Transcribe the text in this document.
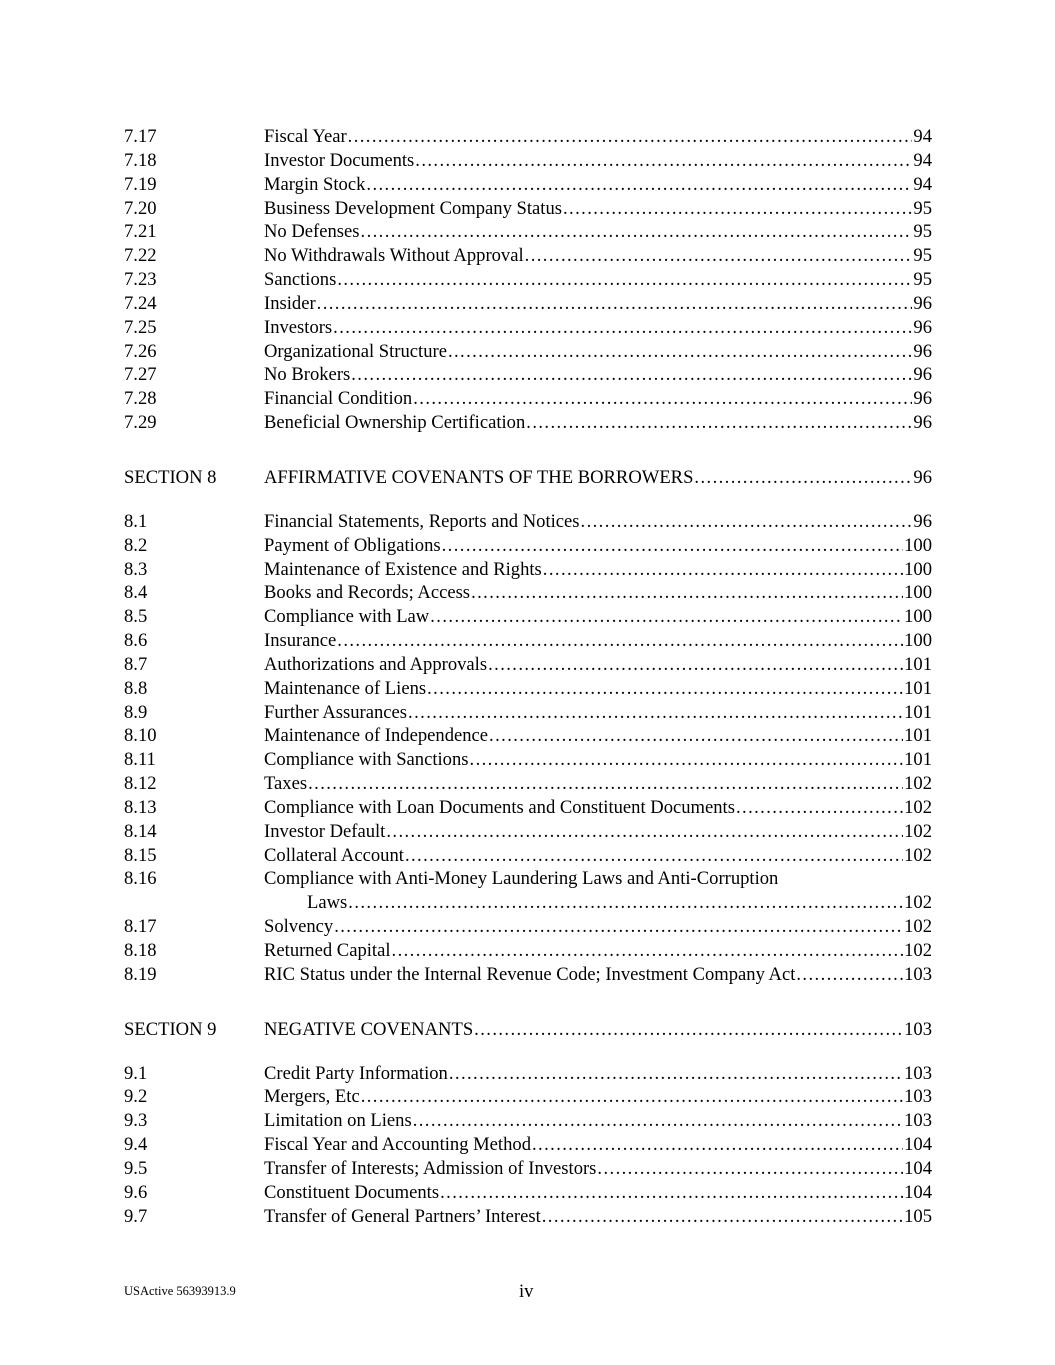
7.17	Fiscal Year .....	94
7.18	Investor Documents .....	94
7.19	Margin Stock .....	94
7.20	Business Development Company Status .....	95
7.21	No Defenses .....	95
7.22	No Withdrawals Without Approval .....	95
7.23	Sanctions .....	95
7.24	Insider .....	96
7.25	Investors .....	96
7.26	Organizational Structure .....	96
7.27	No Brokers .....	96
7.28	Financial Condition .....	96
7.29	Beneficial Ownership Certification .....	96
SECTION 8	AFFIRMATIVE COVENANTS OF THE BORROWERS .....	96
8.1	Financial Statements, Reports and Notices .....	96
8.2	Payment of Obligations .....	100
8.3	Maintenance of Existence and Rights .....	100
8.4	Books and Records; Access .....	100
8.5	Compliance with Law .....	100
8.6	Insurance .....	100
8.7	Authorizations and Approvals .....	101
8.8	Maintenance of Liens .....	101
8.9	Further Assurances .....	101
8.10	Maintenance of Independence .....	101
8.11	Compliance with Sanctions .....	101
8.12	Taxes .....	102
8.13	Compliance with Loan Documents and Constituent Documents .....	102
8.14	Investor Default .....	102
8.15	Collateral Account .....	102
8.16	Compliance with Anti-Money Laundering Laws and Anti-Corruption
Laws .....	102
8.17	Solvency .....	102
8.18	Returned Capital .....	102
8.19	RIC Status under the Internal Revenue Code; Investment Company Act .....	103
SECTION 9	NEGATIVE COVENANTS .....	103
9.1	Credit Party Information .....	103
9.2	Mergers, Etc .....	103
9.3	Limitation on Liens .....	103
9.4	Fiscal Year and Accounting Method .....	104
9.5	Transfer of Interests; Admission of Investors .....	104
9.6	Constituent Documents .....	104
9.7	Transfer of General Partners’ Interest .....	105
USActive 56393913.9	iv
